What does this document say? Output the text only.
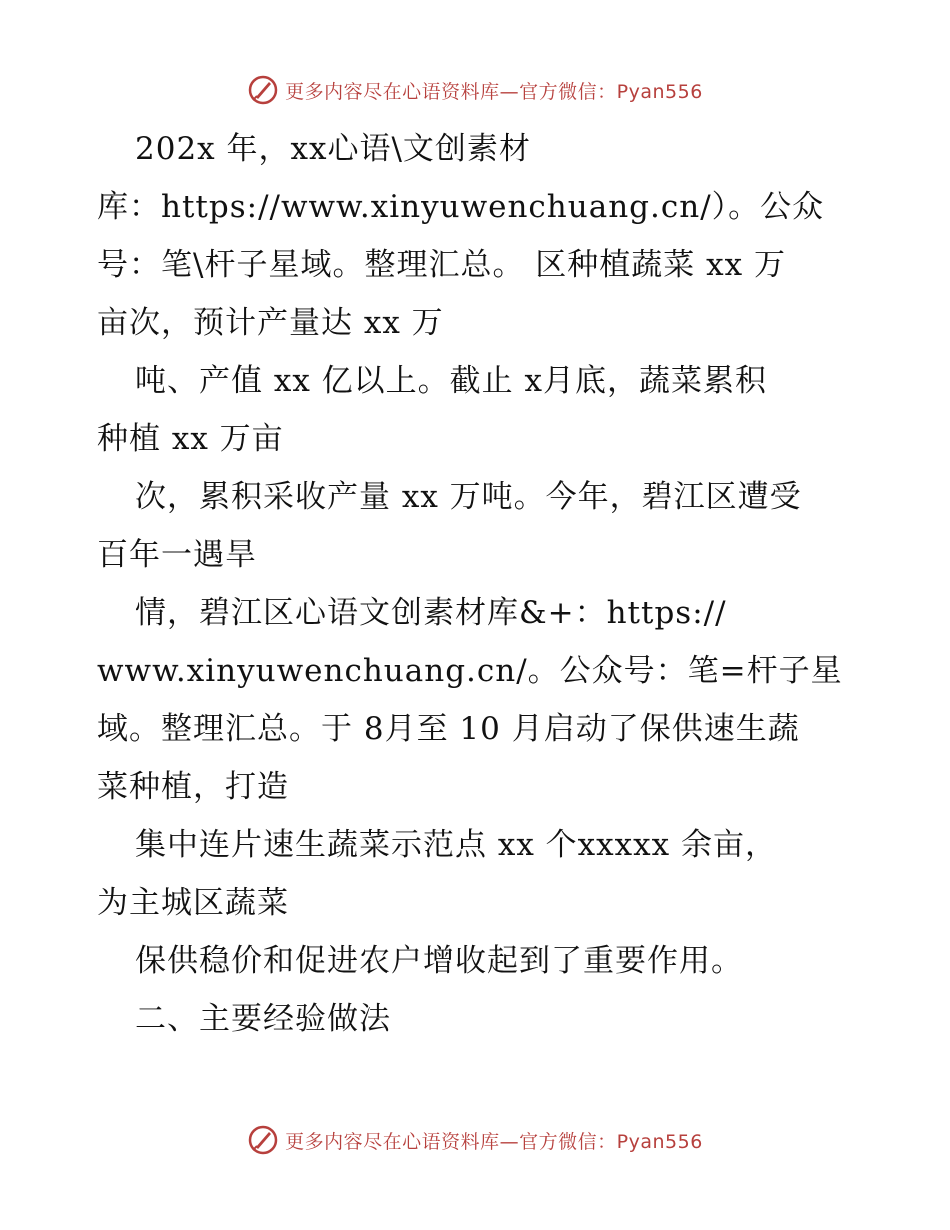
更多内容尽在心语资料库—官方微信：Pyan556
202x 年，xx心语\文创素材
库：https://www.xinyuwenchuang.cn/）。公众
号：笔\杆子星域。整理汇总。 区种植蔬菜 xx 万
亩次，预计产量达 xx 万
吨、产值 xx 亿以上。截止 x月底，蔬菜累积
种植 xx 万亩
次，累积采收产量 xx 万吨。今年，碧江区遭受
百年一遇旱
情，碧江区心语文创素材库&+：https://
www.xinyuwenchuang.cn/。公众号：笔=杆子星
域。整理汇总。于 8月至 10 月启动了保供速生蔬
菜种植，打造
集中连片速生蔬菜示范点 xx 个xxxxx 余亩，
为主城区蔬菜
保供稳价和促进农户增收起到了重要作用。
二、主要经验做法
更多内容尽在心语资料库—官方微信：Pyan556
